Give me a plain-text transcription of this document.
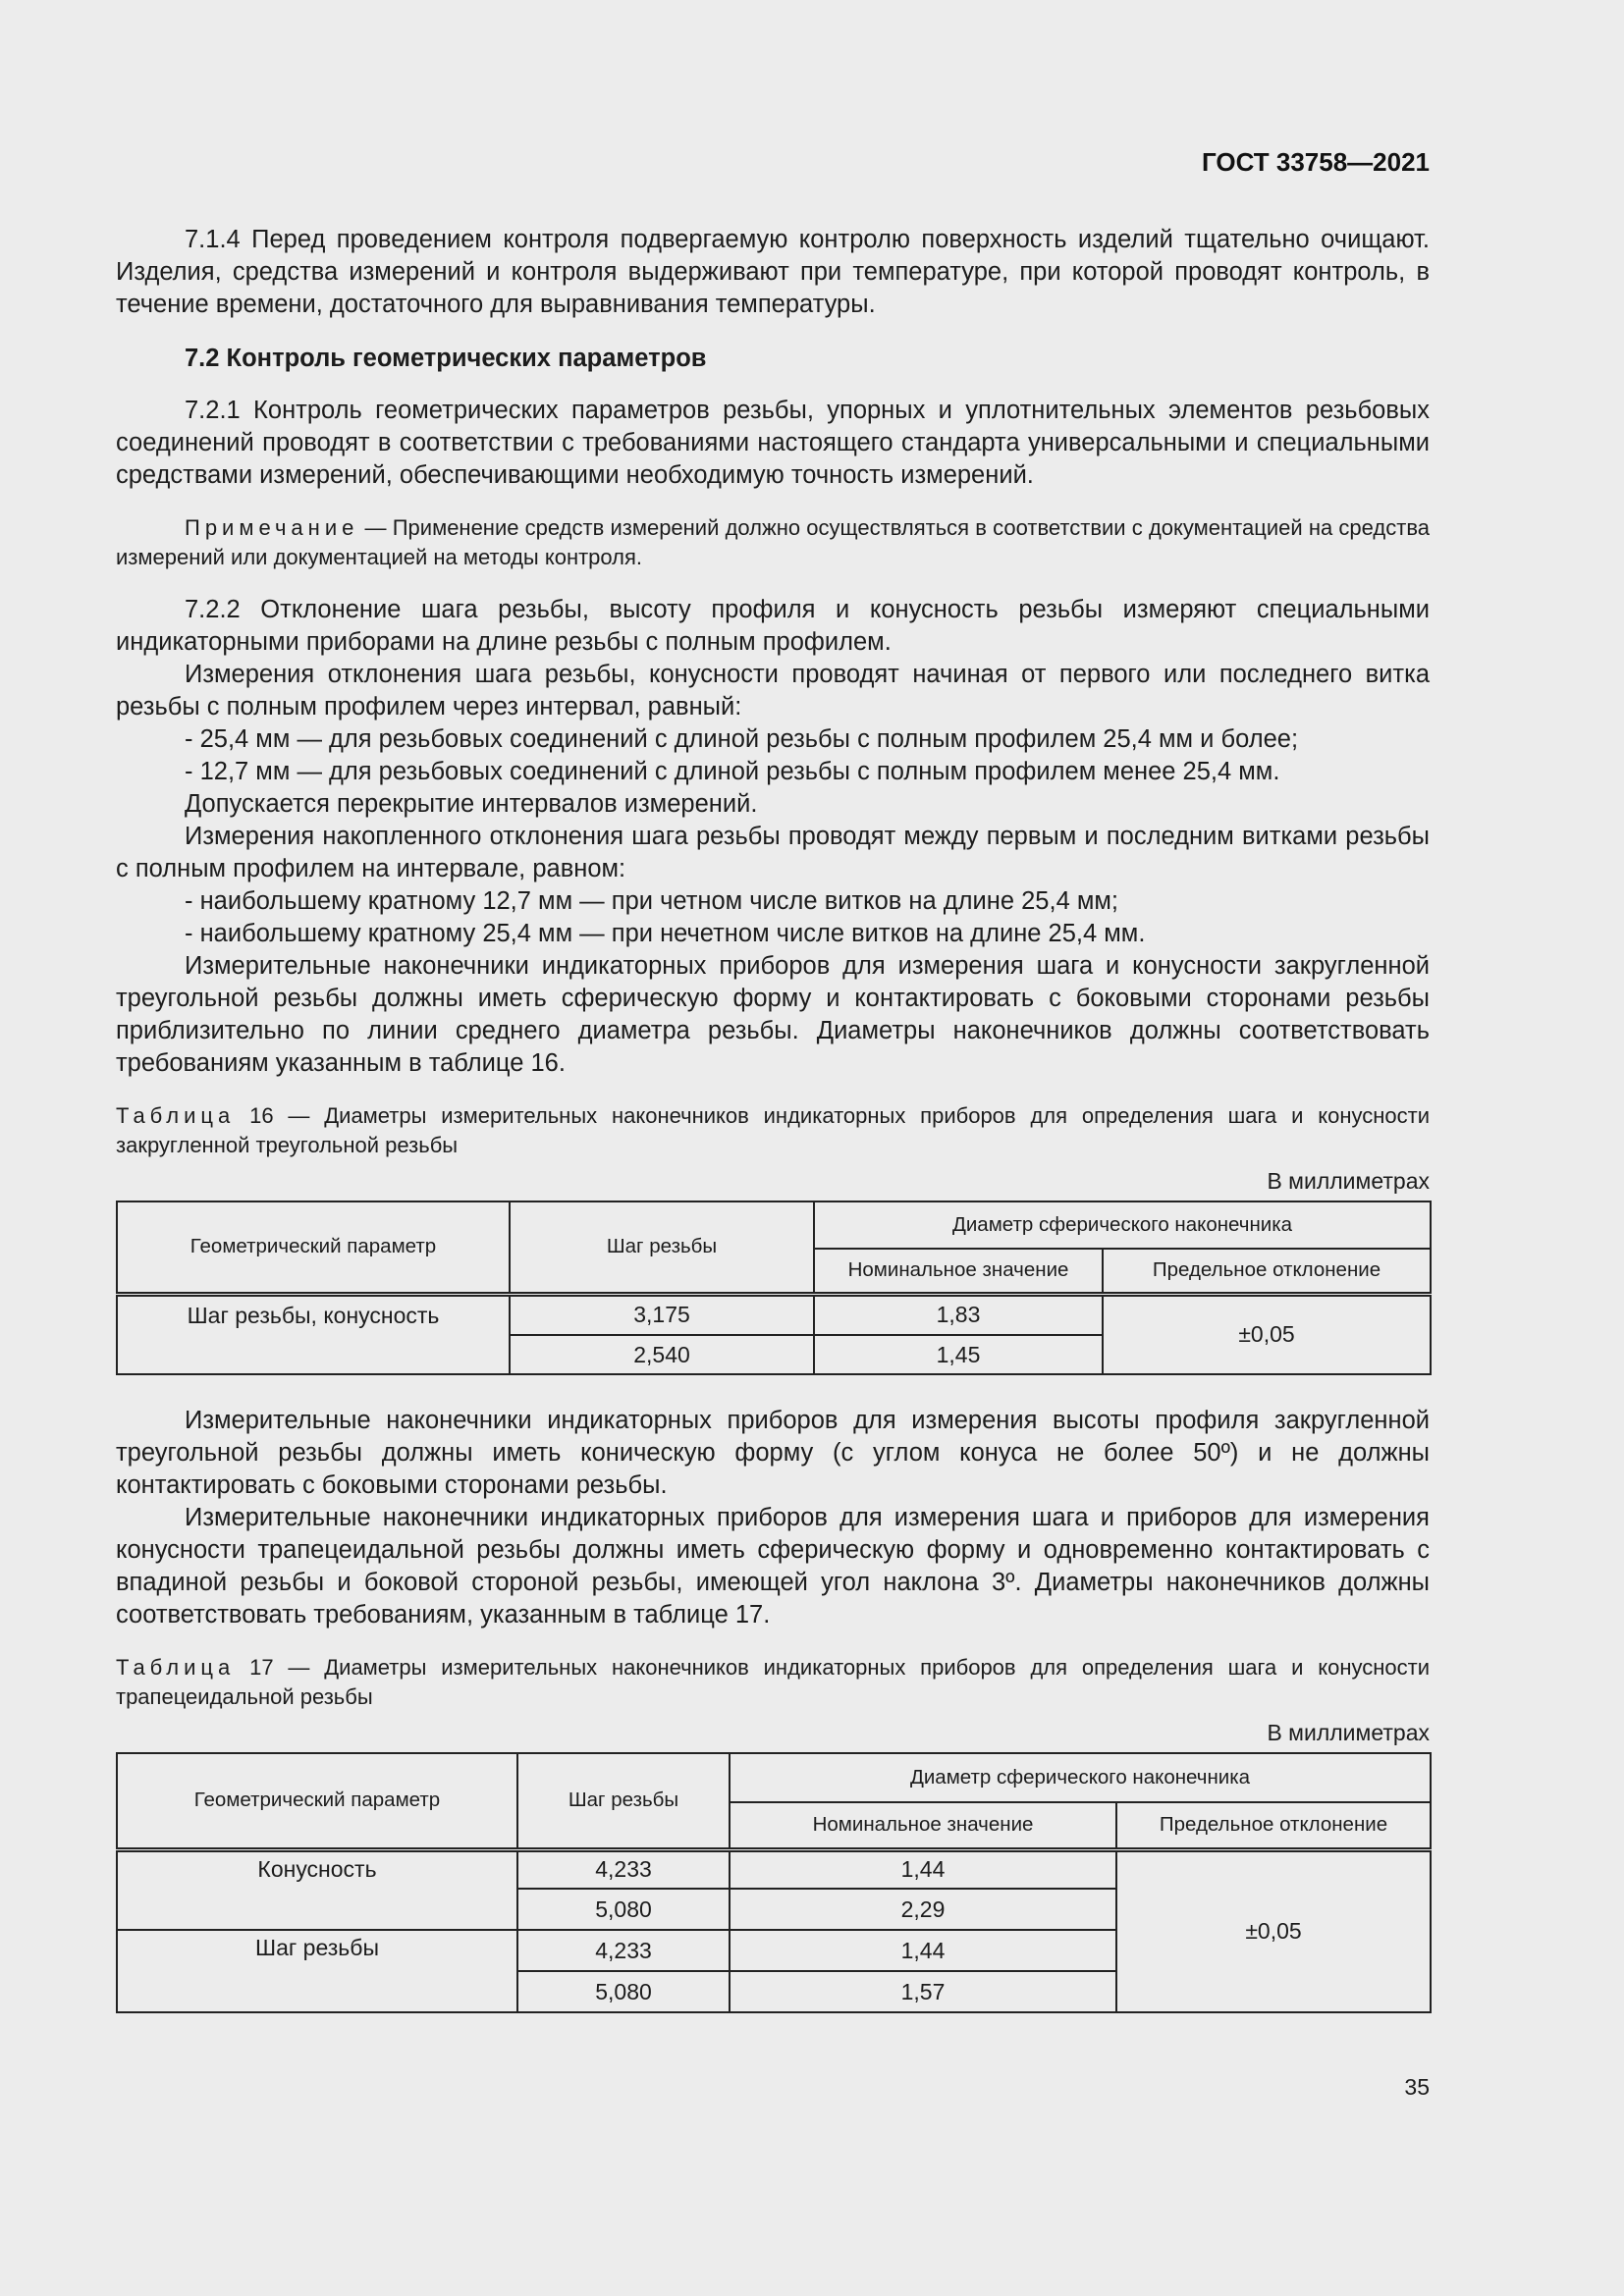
ГОСТ 33758—2021

7.1.4 Перед проведением контроля подвергаемую контролю поверхность изделий тщательно очищают. Изделия, средства измерений и контроля выдерживают при температуре, при которой проводят контроль, в течение времени, достаточного для выравнивания температуры.

7.2 Контроль геометрических параметров

7.2.1 Контроль геометрических параметров резьбы, упорных и уплотнительных элементов резьбовых соединений проводят в соответствии с требованиями настоящего стандарта универсальными и специальными средствами измерений, обеспечивающими необходимую точность измерений.

Примечание — Применение средств измерений должно осуществляться в соответствии с документацией на средства измерений или документацией на методы контроля.

7.2.2 Отклонение шага резьбы, высоту профиля и конусность резьбы измеряют специальными индикаторными приборами на длине резьбы с полным профилем.

Измерения отклонения шага резьбы, конусности проводят начиная от первого или последнего витка резьбы с полным профилем через интервал, равный:

- 25,4 мм — для резьбовых соединений с длиной резьбы с полным профилем 25,4 мм и более;

- 12,7 мм — для резьбовых соединений с длиной резьбы с полным профилем менее 25,4 мм.

Допускается перекрытие интервалов измерений.

Измерения накопленного отклонения шага резьбы проводят между первым и последним витками резьбы с полным профилем на интервале, равном:

- наибольшему кратному 12,7 мм — при четном числе витков на длине 25,4 мм;

- наибольшему кратному 25,4 мм — при нечетном числе витков на длине 25,4 мм.

Измерительные наконечники индикаторных приборов для измерения шага и конусности закругленной треугольной резьбы должны иметь сферическую форму и контактировать с боковыми сторонами резьбы приблизительно по линии среднего диаметра резьбы. Диаметры наконечников должны соответствовать требованиям указанным в таблице 16.

Таблица 16 — Диаметры измерительных наконечников индикаторных приборов для определения шага и конусности закругленной треугольной резьбы

В миллиметрах
Геометрический параметр	Шаг резьбы	Диаметр сферического наконечника	
		Номинальное значение	Предельное отклонение
Шаг резьбы, конусность	3,175	1,83	±0,05
	2,540	1,45	

Измерительные наконечники индикаторных приборов для измерения высоты профиля закругленной треугольной резьбы должны иметь коническую форму (с углом конуса не более 50º) и не должны контактировать с боковыми сторонами резьбы.

Измерительные наконечники индикаторных приборов для измерения шага и приборов для измерения конусности трапецеидальной резьбы должны иметь сферическую форму и одновременно контактировать с впадиной резьбы и боковой стороной резьбы, имеющей угол наклона 3º. Диаметры наконечников должны соответствовать требованиям, указанным в таблице 17.

Таблица 17 — Диаметры измерительных наконечников индикаторных приборов для определения шага и конусности трапецеидальной резьбы

В миллиметрах
Геометрический параметр	Шаг резьбы	Диаметр сферического наконечника	
		Номинальное значение	Предельное отклонение
Конусность	4,233	1,44	±0,05
	5,080	2,29	
Шаг резьбы	4,233	1,44	
	5,080	1,57	
35
